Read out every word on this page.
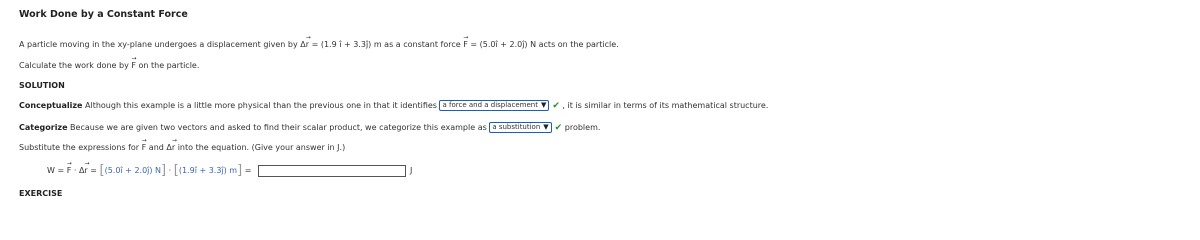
Work Done by a Constant Force
A particle moving in the xy-plane undergoes a displacement given by Δ→ r = (1.9 î + 3.3ĵ) m as a constant force → F = (5.0î + 2.0ĵ) N acts on the particle.
Calculate the work done by → F on the particle.
SOLUTION
Conceptualize Although this example is a little more physical than the previous one in that it identifies a force and a displacement ▼ ✔ , it is similar in terms of its mathematical structure.
Categorize Because we are given two vectors and asked to find their scalar product, we categorize this example as a substitution ▼ ✔ problem.
Substitute the expressions for → F and Δ→ r into the equation. (Give your answer in J.)
W = → F · Δ→ r = [(5.0î + 2.0ĵ) N] · [(1.9î + 3.3ĵ) m] =	J
EXERCISE
